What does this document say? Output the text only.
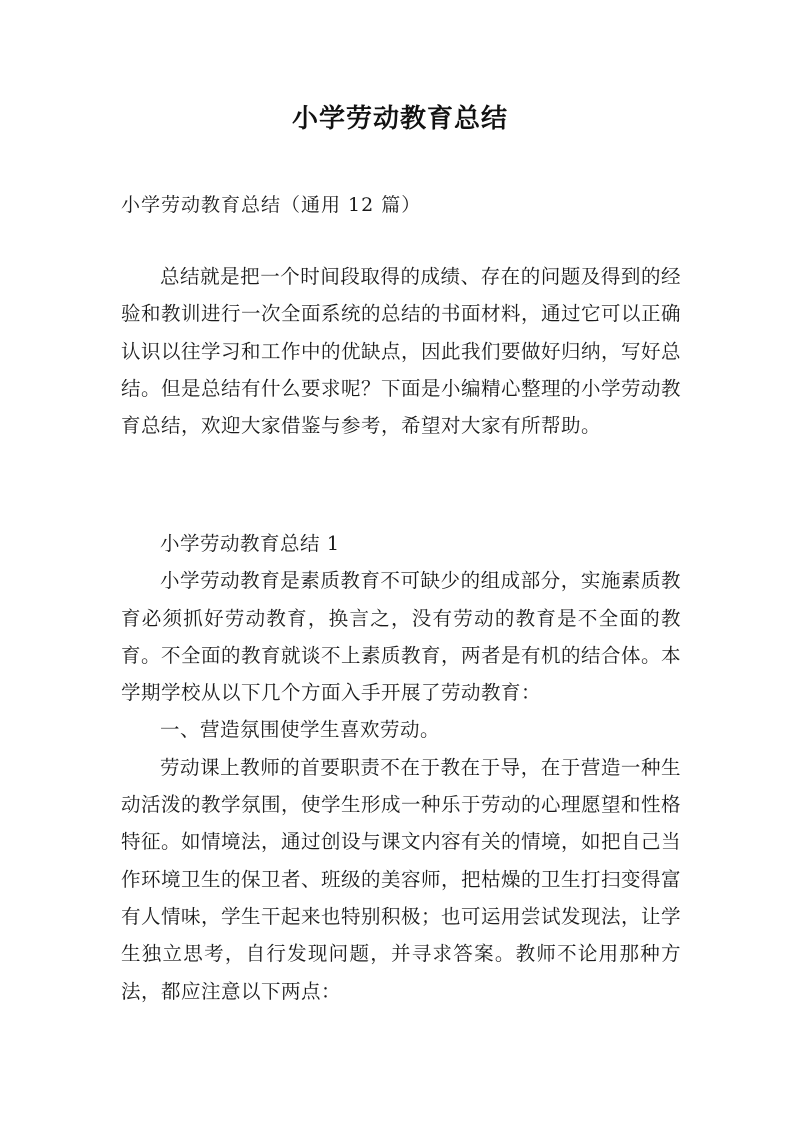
小学劳动教育总结
小学劳动教育总结（通用 12 篇）

总结就是把一个时间段取得的成绩、存在的问题及得到的经验和教训进行一次全面系统的总结的书面材料，通过它可以正确认识以往学习和工作中的优缺点，因此我们要做好归纳，写好总结。但是总结有什么要求呢？下面是小编精心整理的小学劳动教育总结，欢迎大家借鉴与参考，希望对大家有所帮助。

小学劳动教育总结 1

小学劳动教育是素质教育不可缺少的组成部分，实施素质教育必须抓好劳动教育，换言之，没有劳动的教育是不全面的教育。不全面的教育就谈不上素质教育，两者是有机的结合体。本学期学校从以下几个方面入手开展了劳动教育：

一、营造氛围使学生喜欢劳动。

劳动课上教师的首要职责不在于教在于导，在于营造一种生动活泼的教学氛围，使学生形成一种乐于劳动的心理愿望和性格特征。如情境法，通过创设与课文内容有关的情境，如把自己当作环境卫生的保卫者、班级的美容师，把枯燥的卫生打扫变得富有人情味，学生干起来也特别积极；也可运用尝试发现法，让学生独立思考，自行发现问题，并寻求答案。教师不论用那种方法，都应注意以下两点：
